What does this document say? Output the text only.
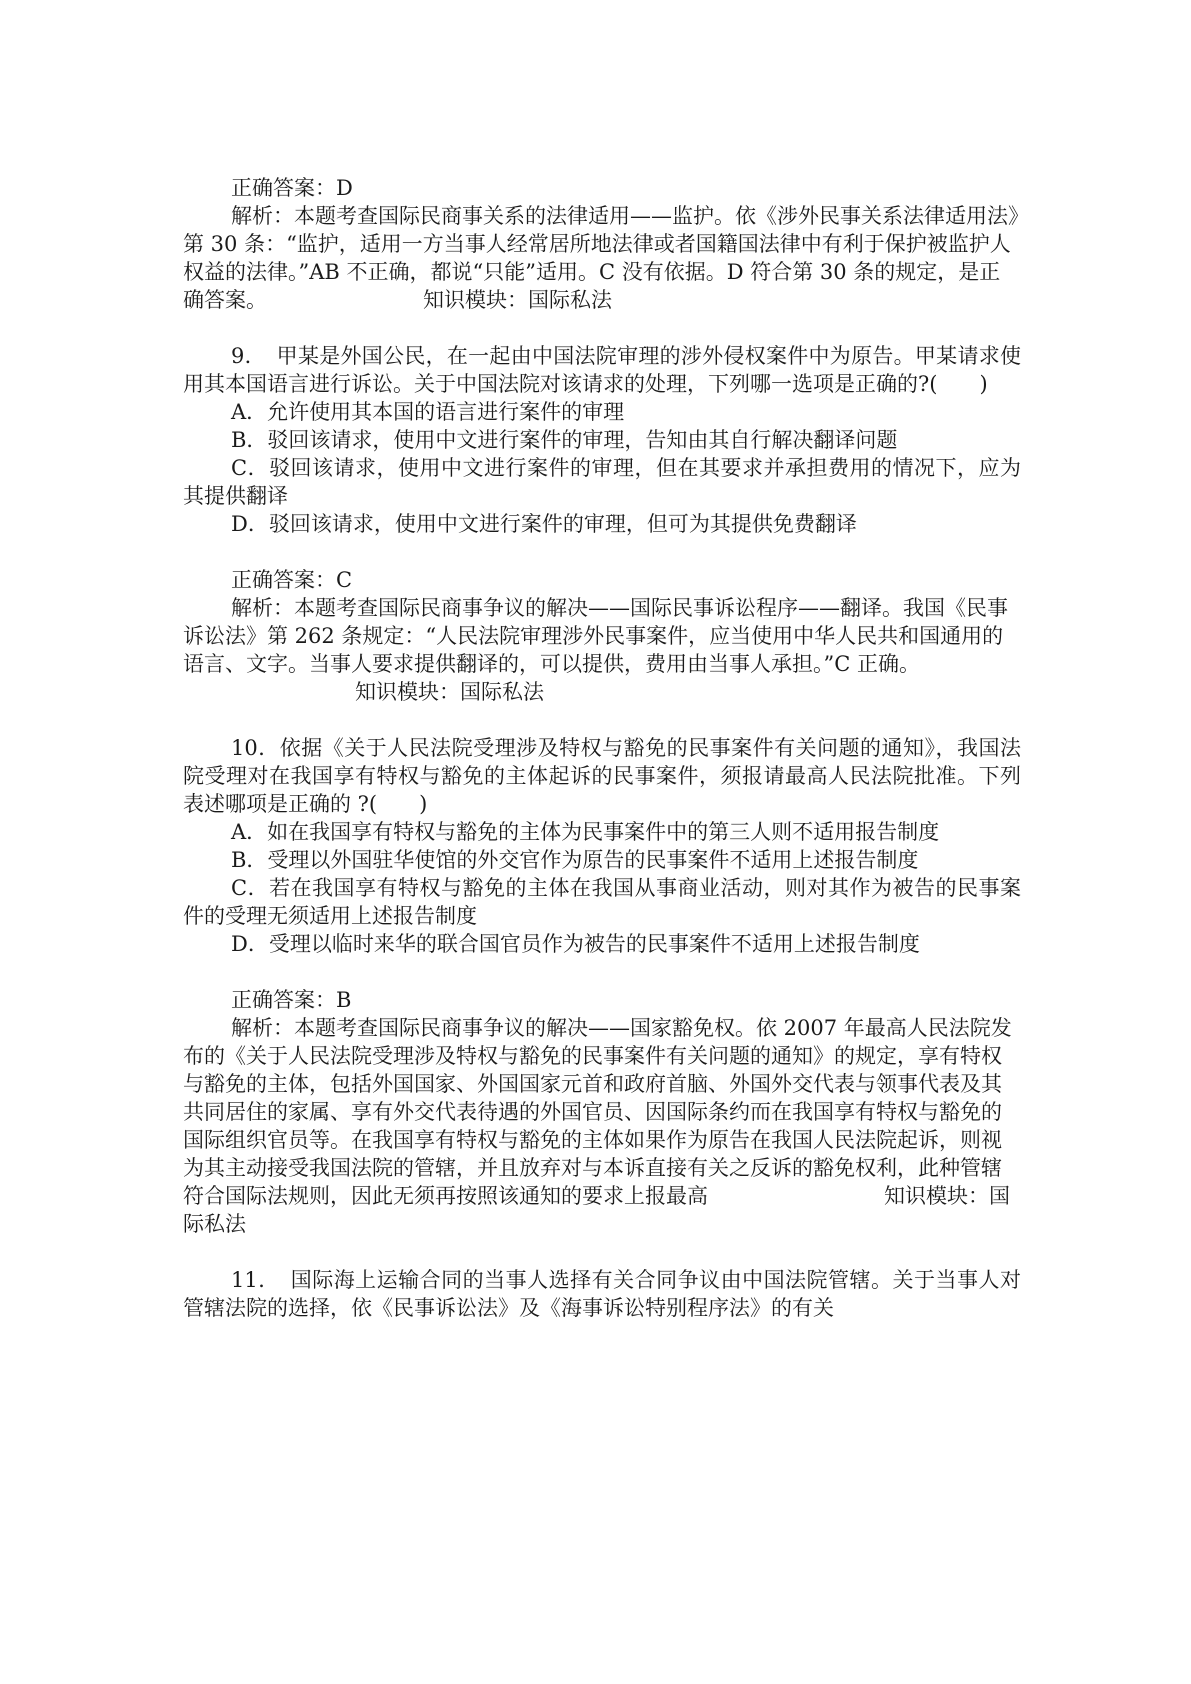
正确答案：D

解析：本题考查国际民商事关系的法律适用——监护。依《涉外民事关系法律适用法》第 30 条：“监护，适用一方当事人经常居所地法律或者国籍国法律中有利于保护被监护人权益的法律。”AB 不正确，都说“只能”适用。C 没有依据。D 符合第 30 条的规定，是正确答案。	知识模块：国际私法

9．　甲某是外国公民，在一起由中国法院审理的涉外侵权案件中为原告。甲某请求使用其本国语言进行诉讼。关于中国法院对该请求的处理，下列哪一选项是正确的?(　　)

A．允许使用其本国的语言进行案件的审理

B．驳回该请求，使用中文进行案件的审理，告知由其自行解决翻译问题

C．驳回该请求，使用中文进行案件的审理，但在其要求并承担费用的情况下，应为其提供翻译

D．驳回该请求，使用中文进行案件的审理，但可为其提供免费翻译

正确答案：C

解析：本题考查国际民商事争议的解决——国际民事诉讼程序——翻译。我国《民事诉讼法》第 262 条规定：“人民法院审理涉外民事案件，应当使用中华人民共和国通用的语言、文字。当事人要求提供翻译的，可以提供，费用由当事人承担。”C 正确。知识模块：国际私法

10．依据《关于人民法院受理涉及特权与豁免的民事案件有关问题的通知》，我国法院受理对在我国享有特权与豁免的主体起诉的民事案件，须报请最高人民法院批准。下列表述哪项是正确的 ?(　　)

A．如在我国享有特权与豁免的主体为民事案件中的第三人则不适用报告制度

B．受理以外国驻华使馆的外交官作为原告的民事案件不适用上述报告制度

C．若在我国享有特权与豁免的主体在我国从事商业活动，则对其作为被告的民事案件的受理无须适用上述报告制度

D．受理以临时来华的联合国官员作为被告的民事案件不适用上述报告制度

正确答案：B

解析：本题考查国际民商事争议的解决——国家豁免权。依 2007 年最高人民法院发布的《关于人民法院受理涉及特权与豁免的民事案件有关问题的通知》的规定，享有特权与豁免的主体，包括外国国家、外国国家元首和政府首脑、外国外交代表与领事代表及其共同居住的家属、享有外交代表待遇的外国官员、因国际条约而在我国享有特权与豁免的国际组织官员等。在我国享有特权与豁免的主体如果作为原告在我国人民法院起诉，则视为其主动接受我国法院的管辖，并且放弃对与本诉直接有关之反诉的豁免权利，此种管辖符合国际法规则，因此无须再按照该通知的要求上报最高	知识模块：国际私法

11．　国际海上运输合同的当事人选择有关合同争议由中国法院管辖。关于当事人对管辖法院的选择，依《民事诉讼法》及《海事诉讼特别程序法》的有关
